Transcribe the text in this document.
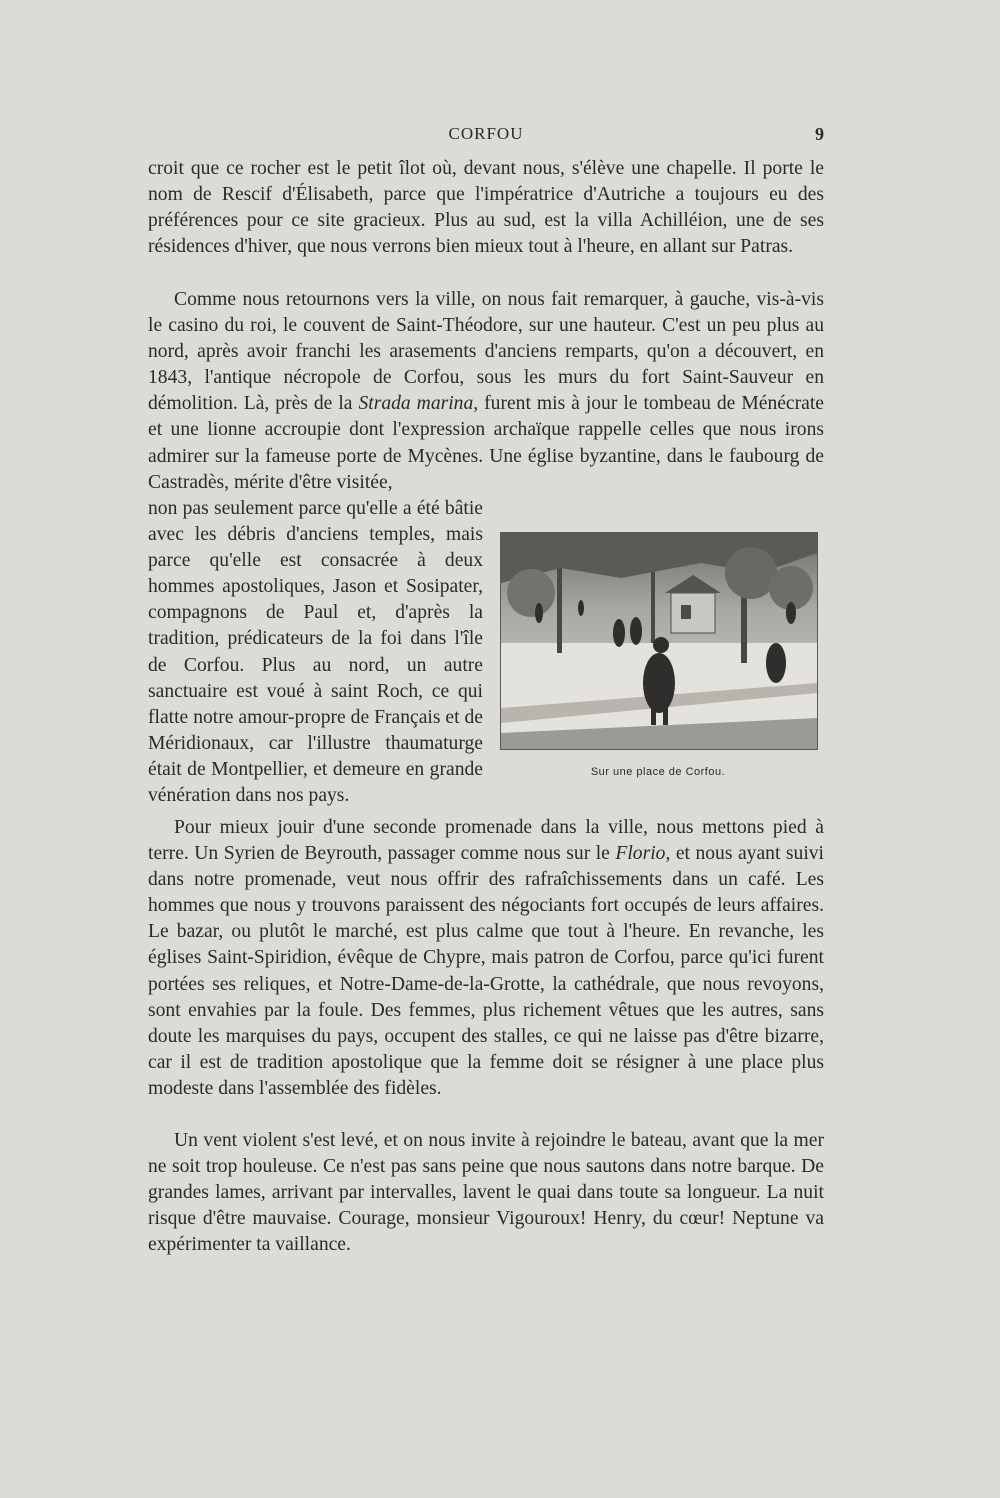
CORFOU	9
croit que ce rocher est le petit îlot où, devant nous, s'élève une chapelle. Il porte le nom de Rescif d'Élisabeth, parce que l'impératrice d'Autriche a toujours eu des préférences pour ce site gracieux. Plus au sud, est la villa Achilléion, une de ses résidences d'hiver, que nous verrons bien mieux tout à l'heure, en allant sur Patras.
Comme nous retournons vers la ville, on nous fait remarquer, à gauche, vis-à-vis le casino du roi, le couvent de Saint-Théodore, sur une hauteur. C'est un peu plus au nord, après avoir franchi les arasements d'anciens remparts, qu'on a découvert, en 1843, l'antique nécropole de Corfou, sous les murs du fort Saint-Sauveur en démolition. Là, près de la Strada marina, furent mis à jour le tombeau de Ménécrate et une lionne accroupie dont l'expression archaïque rappelle celles que nous irons admirer sur la fameuse porte de Mycènes. Une église byzantine, dans le faubourg de Castradès, mérite d'être visitée,
non pas seulement parce qu'elle a été bâtie avec les débris d'anciens temples, mais parce qu'elle est consacrée à deux hommes apostoliques, Jason et Sosipater, compagnons de Paul et, d'après la tradition, prédicateurs de la foi dans l'île de Corfou. Plus au nord, un autre sanctuaire est voué à saint Roch, ce qui flatte notre amour-propre de Français et de Méridionaux, car l'illustre thaumaturge était de Montpellier, et demeure en grande vénération dans nos pays.
Sur une place de Corfou.
Pour mieux jouir d'une seconde promenade dans la ville, nous mettons pied à terre. Un Syrien de Beyrouth, passager comme nous sur le Florio, et nous ayant suivi dans notre promenade, veut nous offrir des rafraîchissements dans un café. Les hommes que nous y trouvons paraissent des négociants fort occupés de leurs affaires. Le bazar, ou plutôt le marché, est plus calme que tout à l'heure. En revanche, les églises Saint-Spiridion, évêque de Chypre, mais patron de Corfou, parce qu'ici furent portées ses reliques, et Notre-Dame-de-la-Grotte, la cathédrale, que nous revoyons, sont envahies par la foule. Des femmes, plus richement vêtues que les autres, sans doute les marquises du pays, occupent des stalles, ce qui ne laisse pas d'être bizarre, car il est de tradition apostolique que la femme doit se résigner à une place plus modeste dans l'assemblée des fidèles.
Un vent violent s'est levé, et on nous invite à rejoindre le bateau, avant que la mer ne soit trop houleuse. Ce n'est pas sans peine que nous sautons dans notre barque. De grandes lames, arrivant par intervalles, lavent le quai dans toute sa longueur. La nuit risque d'être mauvaise. Courage, monsieur Vigouroux! Henry, du cœur! Neptune va expérimenter ta vaillance.
